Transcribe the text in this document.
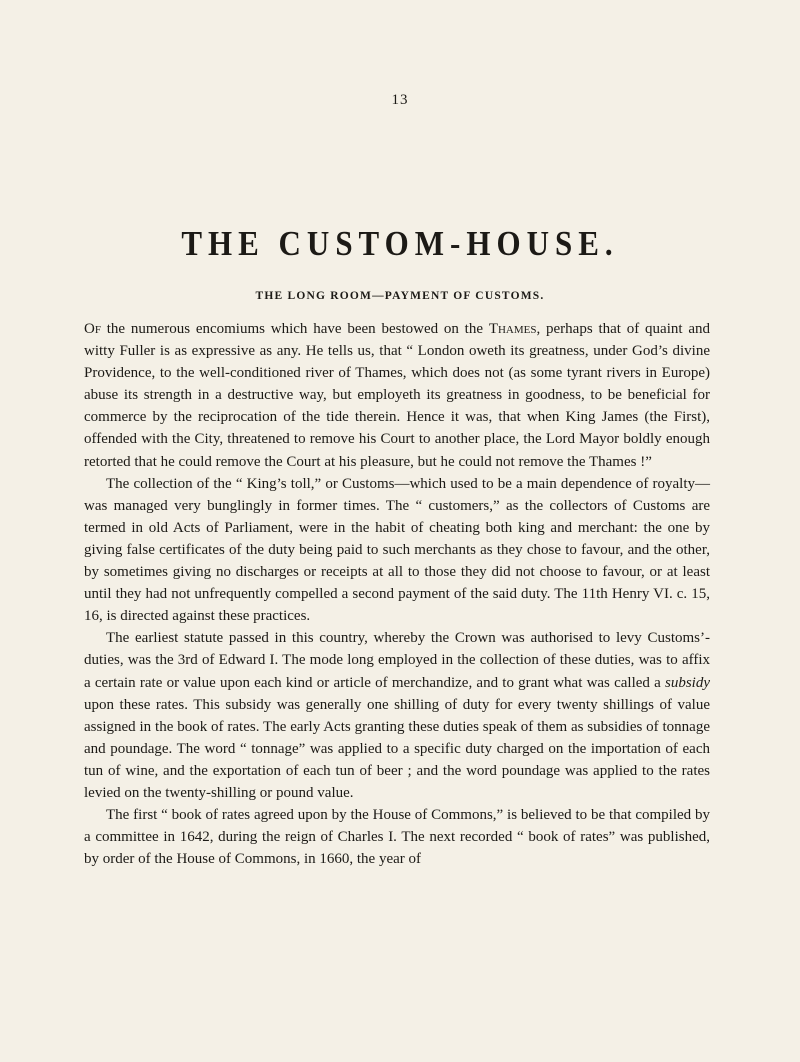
13
THE CUSTOM-HOUSE.
THE LONG ROOM—PAYMENT OF CUSTOMS.

Of the numerous encomiums which have been bestowed on the Thames, perhaps that of quaint and witty Fuller is as expressive as any. He tells us, that “ London oweth its greatness, under God’s divine Providence, to the well-conditioned river of Thames, which does not (as some tyrant rivers in Europe) abuse its strength in a destructive way, but employeth its greatness in goodness, to be beneficial for commerce by the reciprocation of the tide therein. Hence it was, that when King James (the First), offended with the City, threatened to remove his Court to another place, the Lord Mayor boldly enough retorted that he could remove the Court at his pleasure, but he could not remove the Thames !”

The collection of the “ King’s toll,” or Customs—which used to be a main dependence of royalty—was managed very bunglingly in former times. The “ customers,” as the collectors of Customs are termed in old Acts of Parliament, were in the habit of cheating both king and merchant: the one by giving false certificates of the duty being paid to such merchants as they chose to favour, and the other, by sometimes giving no discharges or receipts at all to those they did not choose to favour, or at least until they had not unfrequently compelled a second payment of the said duty. The 11th Henry VI. c. 15, 16, is directed against these practices.

The earliest statute passed in this country, whereby the Crown was authorised to levy Customs’-duties, was the 3rd of Edward I. The mode long employed in the collection of these duties, was to affix a certain rate or value upon each kind or article of merchandize, and to grant what was called a subsidy upon these rates. This subsidy was generally one shilling of duty for every twenty shillings of value assigned in the book of rates. The early Acts granting these duties speak of them as subsidies of tonnage and poundage. The word “ tonnage” was applied to a specific duty charged on the importation of each tun of wine, and the exportation of each tun of beer ; and the word poundage was applied to the rates levied on the twenty-shilling or pound value.

The first “ book of rates agreed upon by the House of Commons,” is believed to be that compiled by a committee in 1642, during the reign of Charles I. The next recorded “ book of rates” was published, by order of the House of Commons, in 1660, the year of
